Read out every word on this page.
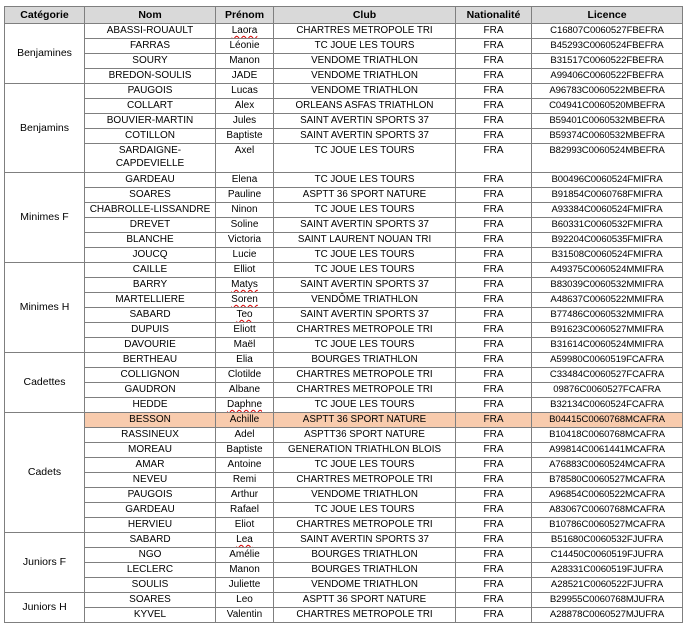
Catégorie	Nom	Prénom	Club	Nationalité	Licence
Benjamines	ABASSI-ROUAULT	Laora	CHARTRES METROPOLE TRI	FRA	C16807C0060527FBEFRA
	FARRAS	Léonie	TC JOUE LES TOURS	FRA	B45293C0060524FBEFRA
	SOURY	Manon	VENDOME TRIATHLON	FRA	B31517C0060522FBEFRA
	BREDON-SOULIS	JADE	VENDOME TRIATHLON	FRA	A99406C0060522FBEFRA
Benjamins	PAUGOIS	Lucas	VENDOME TRIATHLON	FRA	A96783C0060522MBEFRA
	COLLART	Alex	ORLEANS ASFAS TRIATHLON	FRA	C04941C0060520MBEFRA
	BOUVIER-MARTIN	Jules	SAINT AVERTIN SPORTS 37	FRA	B59401C0060532MBEFRA
	COTILLON	Baptiste	SAINT AVERTIN SPORTS 37	FRA	B59374C0060532MBEFRA
	SARDAIGNE-CAPDEVIELLE	Axel	TC JOUE LES TOURS	FRA	B82993C0060524MBEFRA
Minimes F	GARDEAU	Elena	TC JOUE LES TOURS	FRA	B00496C0060524FMIFRA
	SOARES	Pauline	ASPTT 36 SPORT NATURE	FRA	B91854C0060768FMIFRA
	CHABROLLE-LISSANDRE	Ninon	TC JOUE LES TOURS	FRA	A93384C0060524FMIFRA
	DREVET	Soline	SAINT AVERTIN SPORTS 37	FRA	B60331C0060532FMIFRA
	BLANCHE	Victoria	SAINT LAURENT NOUAN TRI	FRA	B92204C0060535FMIFRA
	JOUCQ	Lucie	TC JOUE LES TOURS	FRA	B31508C0060524FMIFRA
Minimes H	CAILLE	Elliot	TC JOUE LES TOURS	FRA	A49375C0060524MMIFRA
	BARRY	Matys	SAINT AVERTIN SPORTS 37	FRA	B83039C0060532MMIFRA
	MARTELLIERE	Soren	VENDÔME TRIATHLON	FRA	A48637C0060522MMIFRA
	SABARD	Teo	SAINT AVERTIN SPORTS 37	FRA	B77486C0060532MMIFRA
	DUPUIS	Eliott	CHARTRES METROPOLE TRI	FRA	B91623C0060527MMIFRA
	DAVOURIE	Maël	TC JOUE LES TOURS	FRA	B31614C0060524MMIFRA
Cadettes	BERTHEAU	Elia	BOURGES TRIATHLON	FRA	A59980C0060519FCAFRA
	COLLIGNON	Clotilde	CHARTRES METROPOLE TRI	FRA	C33484C0060527FCAFRA
	GAUDRON	Albane	CHARTRES METROPOLE TRI	FRA	09876C0060527FCAFRA
	HEDDE	Daphne	TC JOUE LES TOURS	FRA	B32134C0060524FCAFRA
Cadets	BESSON	Achille	ASPTT 36 SPORT NATURE	FRA	B04415C0060768MCAFRA
	RASSINEUX	Adel	ASPTT36 SPORT NATURE	FRA	B10418C0060768MCAFRA
	MOREAU	Baptiste	GENERATION TRIATHLON BLOIS	FRA	A99814C0061441MCAFRA
	AMAR	Antoine	TC JOUE LES TOURS	FRA	A76883C0060524MCAFRA
	NEVEU	Remi	CHARTRES METROPOLE TRI	FRA	B78580C0060527MCAFRA
	PAUGOIS	Arthur	VENDOME TRIATHLON	FRA	A96854C0060522MCAFRA
	GARDEAU	Rafael	TC JOUE LES TOURS	FRA	A83067C0060768MCAFRA
	HERVIEU	Eliot	CHARTRES METROPOLE TRI	FRA	B10786C0060527MCAFRA
Juniors F	SABARD	Lea	SAINT AVERTIN SPORTS 37	FRA	B51680C0060532FJUFRA
	NGO	Amélie	BOURGES TRIATHLON	FRA	C14450C0060519FJUFRA
	LECLERC	Manon	BOURGES TRIATHLON	FRA	A28331C0060519FJUFRA
	SOULIS	Juliette	VENDOME TRIATHLON	FRA	A28521C0060522FJUFRA
Juniors H	SOARES	Leo	ASPTT 36 SPORT NATURE	FRA	B29955C0060768MJUFRA
	KYVEL	Valentin	CHARTRES METROPOLE TRI	FRA	A28878C0060527MJUFRA
